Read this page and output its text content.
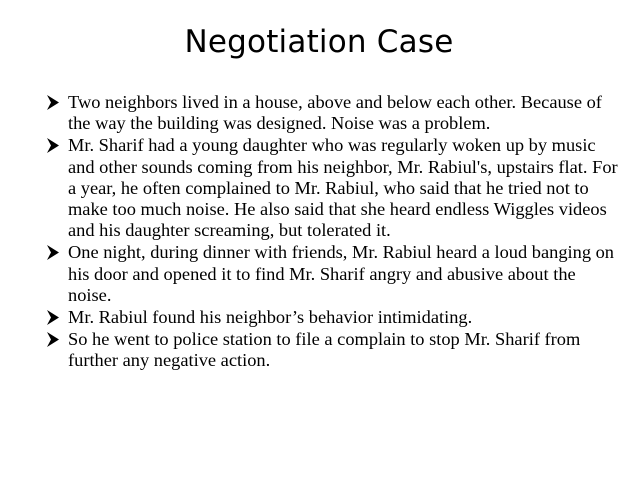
Negotiation Case
Two neighbors lived in a house, above and below each other. Because of the way the building was designed. Noise was a problem.
Mr. Sharif had a young daughter who was regularly woken up by music and other sounds coming from his neighbor, Mr. Rabiul's, upstairs flat. For a year, he often complained to Mr. Rabiul, who said that he tried not to make too much noise. He also said that she heard endless Wiggles videos and his daughter screaming, but tolerated it.
One night, during dinner with friends, Mr. Rabiul heard a loud banging on his door and opened it to find Mr. Sharif angry and abusive about the noise.
Mr. Rabiul found his neighbor’s behavior intimidating.
So he went to police station to file a complain to stop Mr. Sharif from further any negative action.
